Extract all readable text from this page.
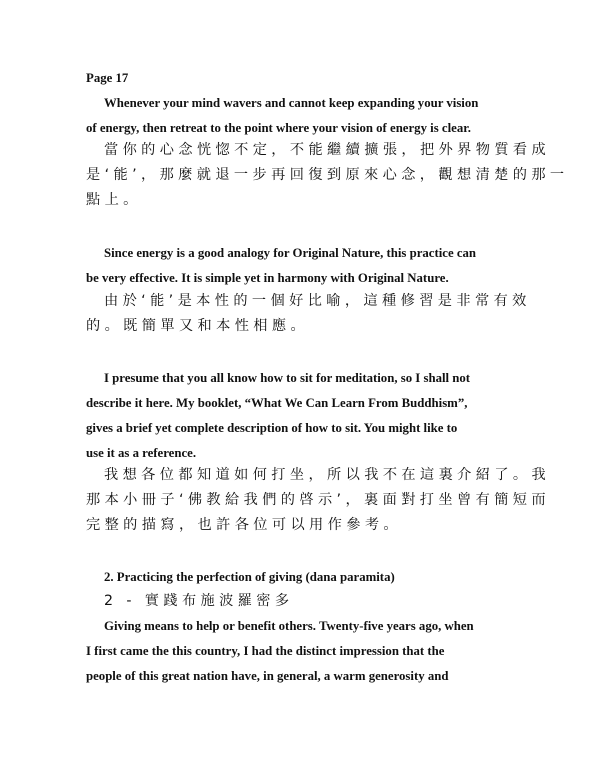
Page 17

Whenever your mind wavers and cannot keep expanding your vision
of energy, then retreat to the point where your vision of energy is clear.

當你的心念恍惚不定，不能繼續擴張，把外界物質看成
是‘能’，那麼就退一步再回復到原來心念，觀想清楚的那一
點上。

Since energy is a good analogy for Original Nature, this practice can
be very effective. It is simple yet in harmony with Original Nature.

由於‘能’是本性的一個好比喻，這種修習是非常有效
的。既簡單又和本性相應。

I presume that you all know how to sit for meditation, so I shall not
describe it here. My booklet, “What We Can Learn From Buddhism”,
gives a brief yet complete description of how to sit. You might like to
use it as a reference.

我想各位都知道如何打坐，所以我不在這裏介紹了。我
那本小冊子‘佛教給我們的啓示’，裏面對打坐曾有簡短而
完整的描寫，也許各位可以用作參考。

2. Practicing the perfection of giving (dana paramita)

2 - 實踐布施波羅密多

Giving means to help or benefit others. Twenty-five years ago, when
I first came the this country, I had the distinct impression that the
people of this great nation have, in general, a warm generosity and
